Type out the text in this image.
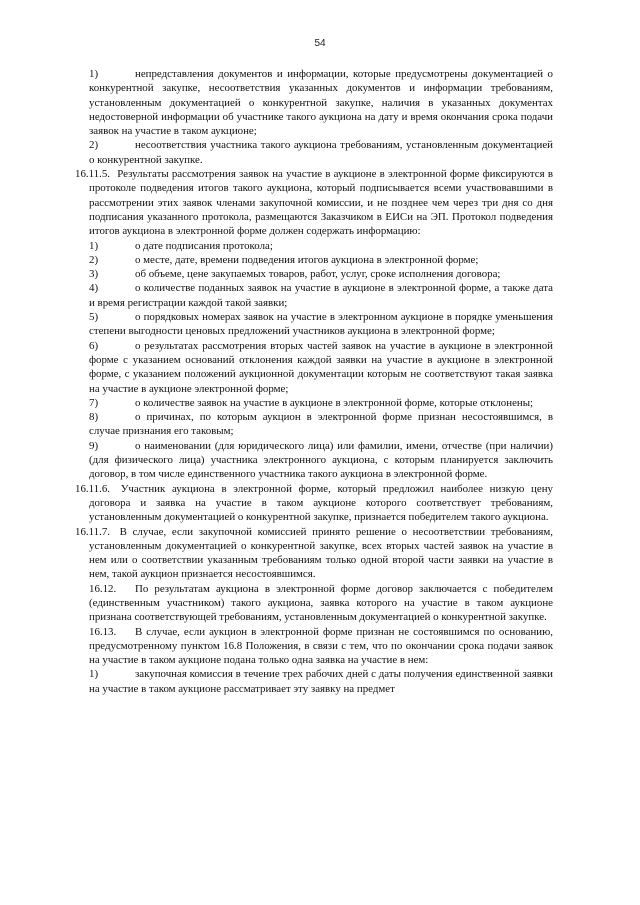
54

1)	непредставления документов и информации, которые предусмотрены документацией о конкурентной закупке, несоответствия указанных документов и информации требованиям, установленным документацией о конкурентной закупке, наличия в указанных документах недостоверной информации об участнике такого аукциона на дату и время окончания срока подачи заявок на участие в таком аукционе;

2)	несоответствия участника такого аукциона требованиям, установленным документацией о конкурентной закупке.

16.11.5. Результаты рассмотрения заявок на участие в аукционе в электронной форме фиксируются в протоколе подведения итогов такого аукциона, который подписывается всеми участвовавшими в рассмотрении этих заявок членами закупочной комиссии, и не позднее чем через три дня со дня подписания указанного протокола, размещаются Заказчиком в ЕИСи на ЭП. Протокол подведения итогов аукциона в электронной форме должен содержать информацию:

1)	о дате подписания протокола;

2)	о месте, дате, времени подведения итогов аукциона в электронной форме;

3)	об объеме, цене закупаемых товаров, работ, услуг, сроке исполнения договора;

4)	о количестве поданных заявок на участие в аукционе в электронной форме, а также дата и время регистрации каждой такой заявки;

5)	о порядковых номерах заявок на участие в электронном аукционе в порядке уменьшения степени выгодности ценовых предложений участников аукциона в электронной форме;

6)	о результатах рассмотрения вторых частей заявок на участие в аукционе в электронной форме с указанием оснований отклонения каждой заявки на участие в аукционе в электронной форме, с указанием положений аукционной документации которым не соответствуют такая заявка на участие в аукционе электронной форме;

7)	о количестве заявок на участие в аукционе в электронной форме, которые отклонены;

8)	о причинах, по которым аукцион в электронной форме признан несостоявшимся, в случае признания его таковым;

9)	о наименовании (для юридического лица) или фамилии, имени, отчестве (при наличии) (для физического лица) участника электронного аукциона, с которым планируется заключить договор, в том числе единственного участника такого аукциона в электронной форме.

16.11.6. Участник аукциона в электронной форме, который предложил наиболее низкую цену договора и заявка на участие в таком аукционе которого соответствует требованиям, установленным документацией о конкурентной закупке, признается победителем такого аукциона.

16.11.7. В случае, если закупочной комиссией принято решение о несоответствии требованиям, установленным документацией о конкурентной закупке, всех вторых частей заявок на участие в нем или о соответствии указанным требованиям только одной второй части заявки на участие в нем, такой аукцион признается несостоявшимся.

16.12. По результатам аукциона в электронной форме договор заключается с победителем (единственным участником) такого аукциона, заявка которого на участие в таком аукционе признана соответствующей требованиям, установленным документацией о конкурентной закупке.

16.13. В случае, если аукцион в электронной форме признан не состоявшимся по основанию, предусмотренному пунктом 16.8 Положения, в связи с тем, что по окончании срока подачи заявок на участие в таком аукционе подана только одна заявка на участие в нем:

1)	закупочная комиссия в течение трех рабочих дней с даты получения единственной заявки на участие в таком аукционе рассматривает эту заявку на предмет
